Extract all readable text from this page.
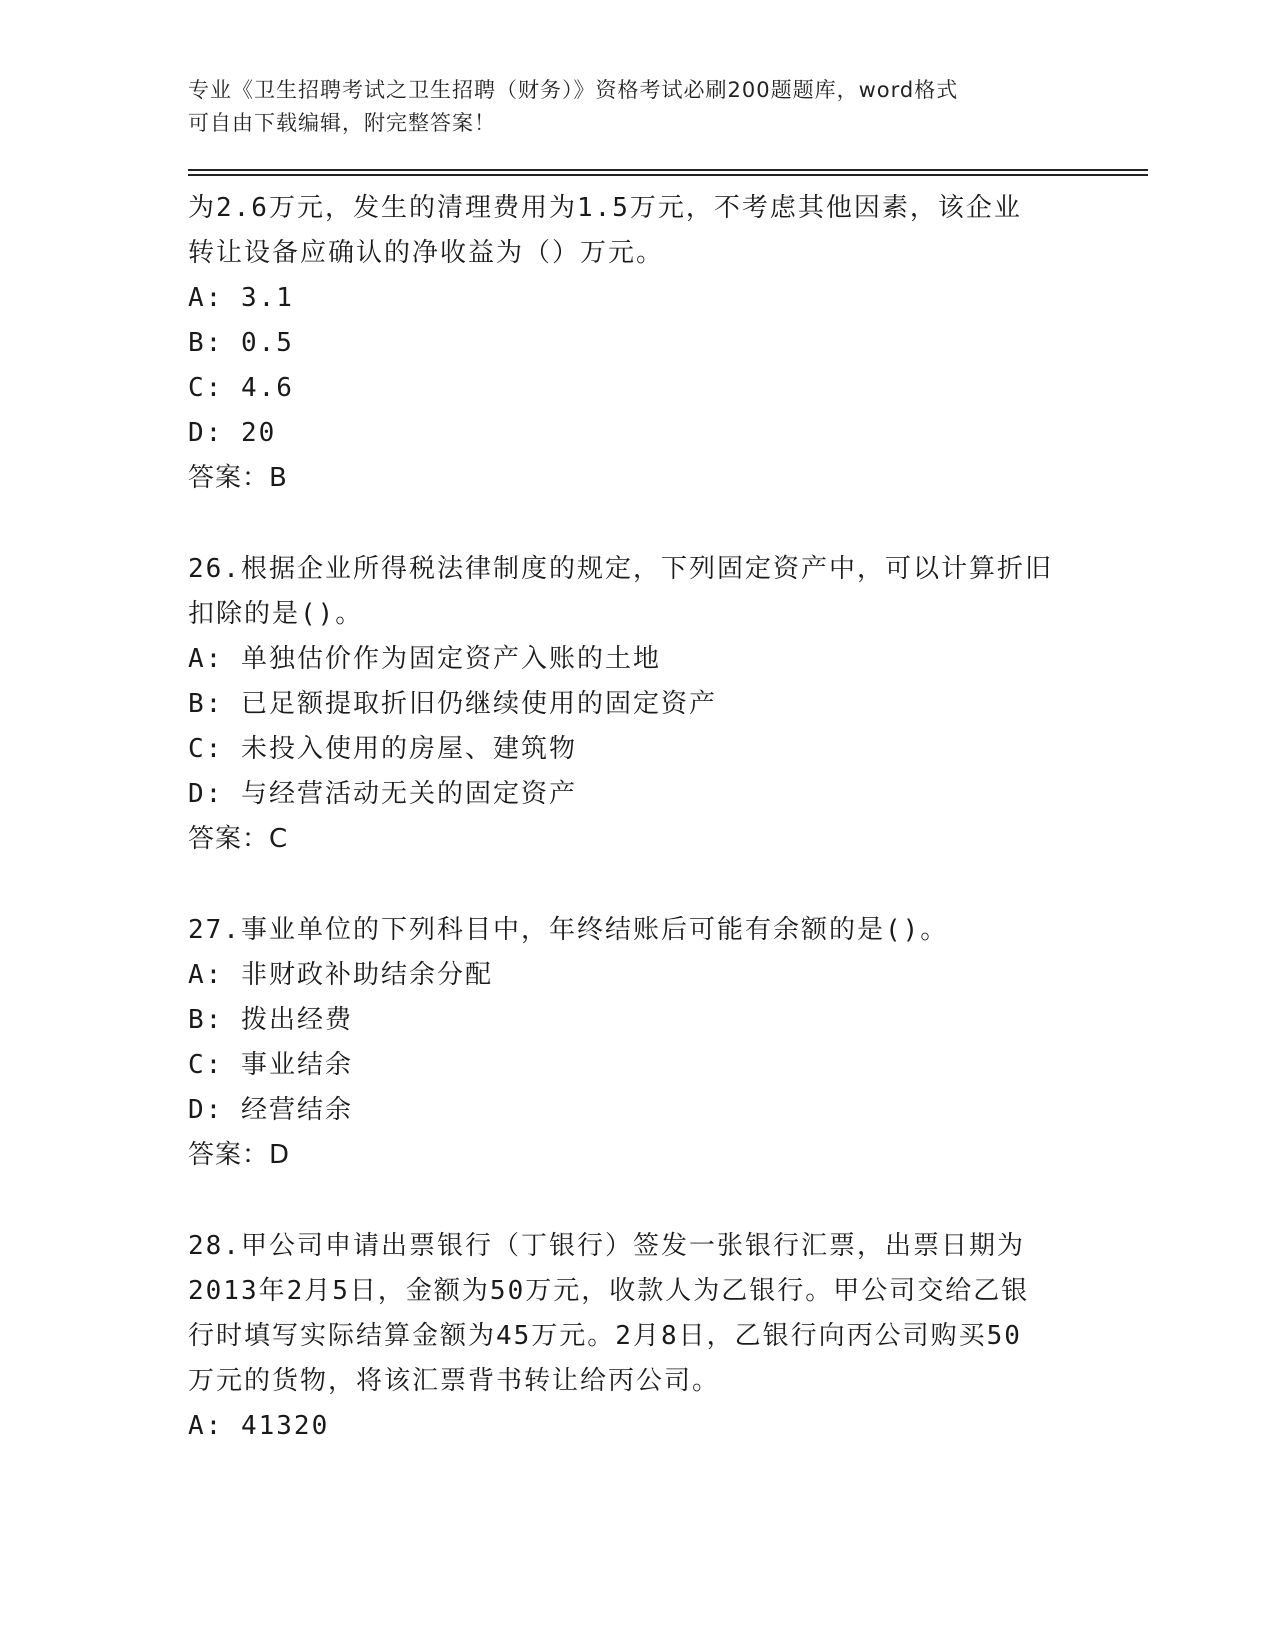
专业《卫生招聘考试之卫生招聘（财务）》资格考试必刷200题题库，word格式
可自由下载编辑，附完整答案！
为2.6万元，发生的清理费用为1.5万元，不考虑其他因素，该企业
转让设备应确认的净收益为（）万元。
A: 3.1
B: 0.5
C: 4.6
D: 20
答案：B
26.根据企业所得税法律制度的规定，下列固定资产中，可以计算折旧
扣除的是()。
A: 单独估价作为固定资产入账的土地
B: 已足额提取折旧仍继续使用的固定资产
C: 未投入使用的房屋、建筑物
D: 与经营活动无关的固定资产
答案：C
27.事业单位的下列科目中，年终结账后可能有余额的是()。
A: 非财政补助结余分配
B: 拨出经费
C: 事业结余
D: 经营结余
答案：D
28.甲公司申请出票银行（丁银行）签发一张银行汇票，出票日期为
2013年2月5日，金额为50万元，收款人为乙银行。甲公司交给乙银
行时填写实际结算金额为45万元。2月8日，乙银行向丙公司购买50
万元的货物，将该汇票背书转让给丙公司。
A: 41320
